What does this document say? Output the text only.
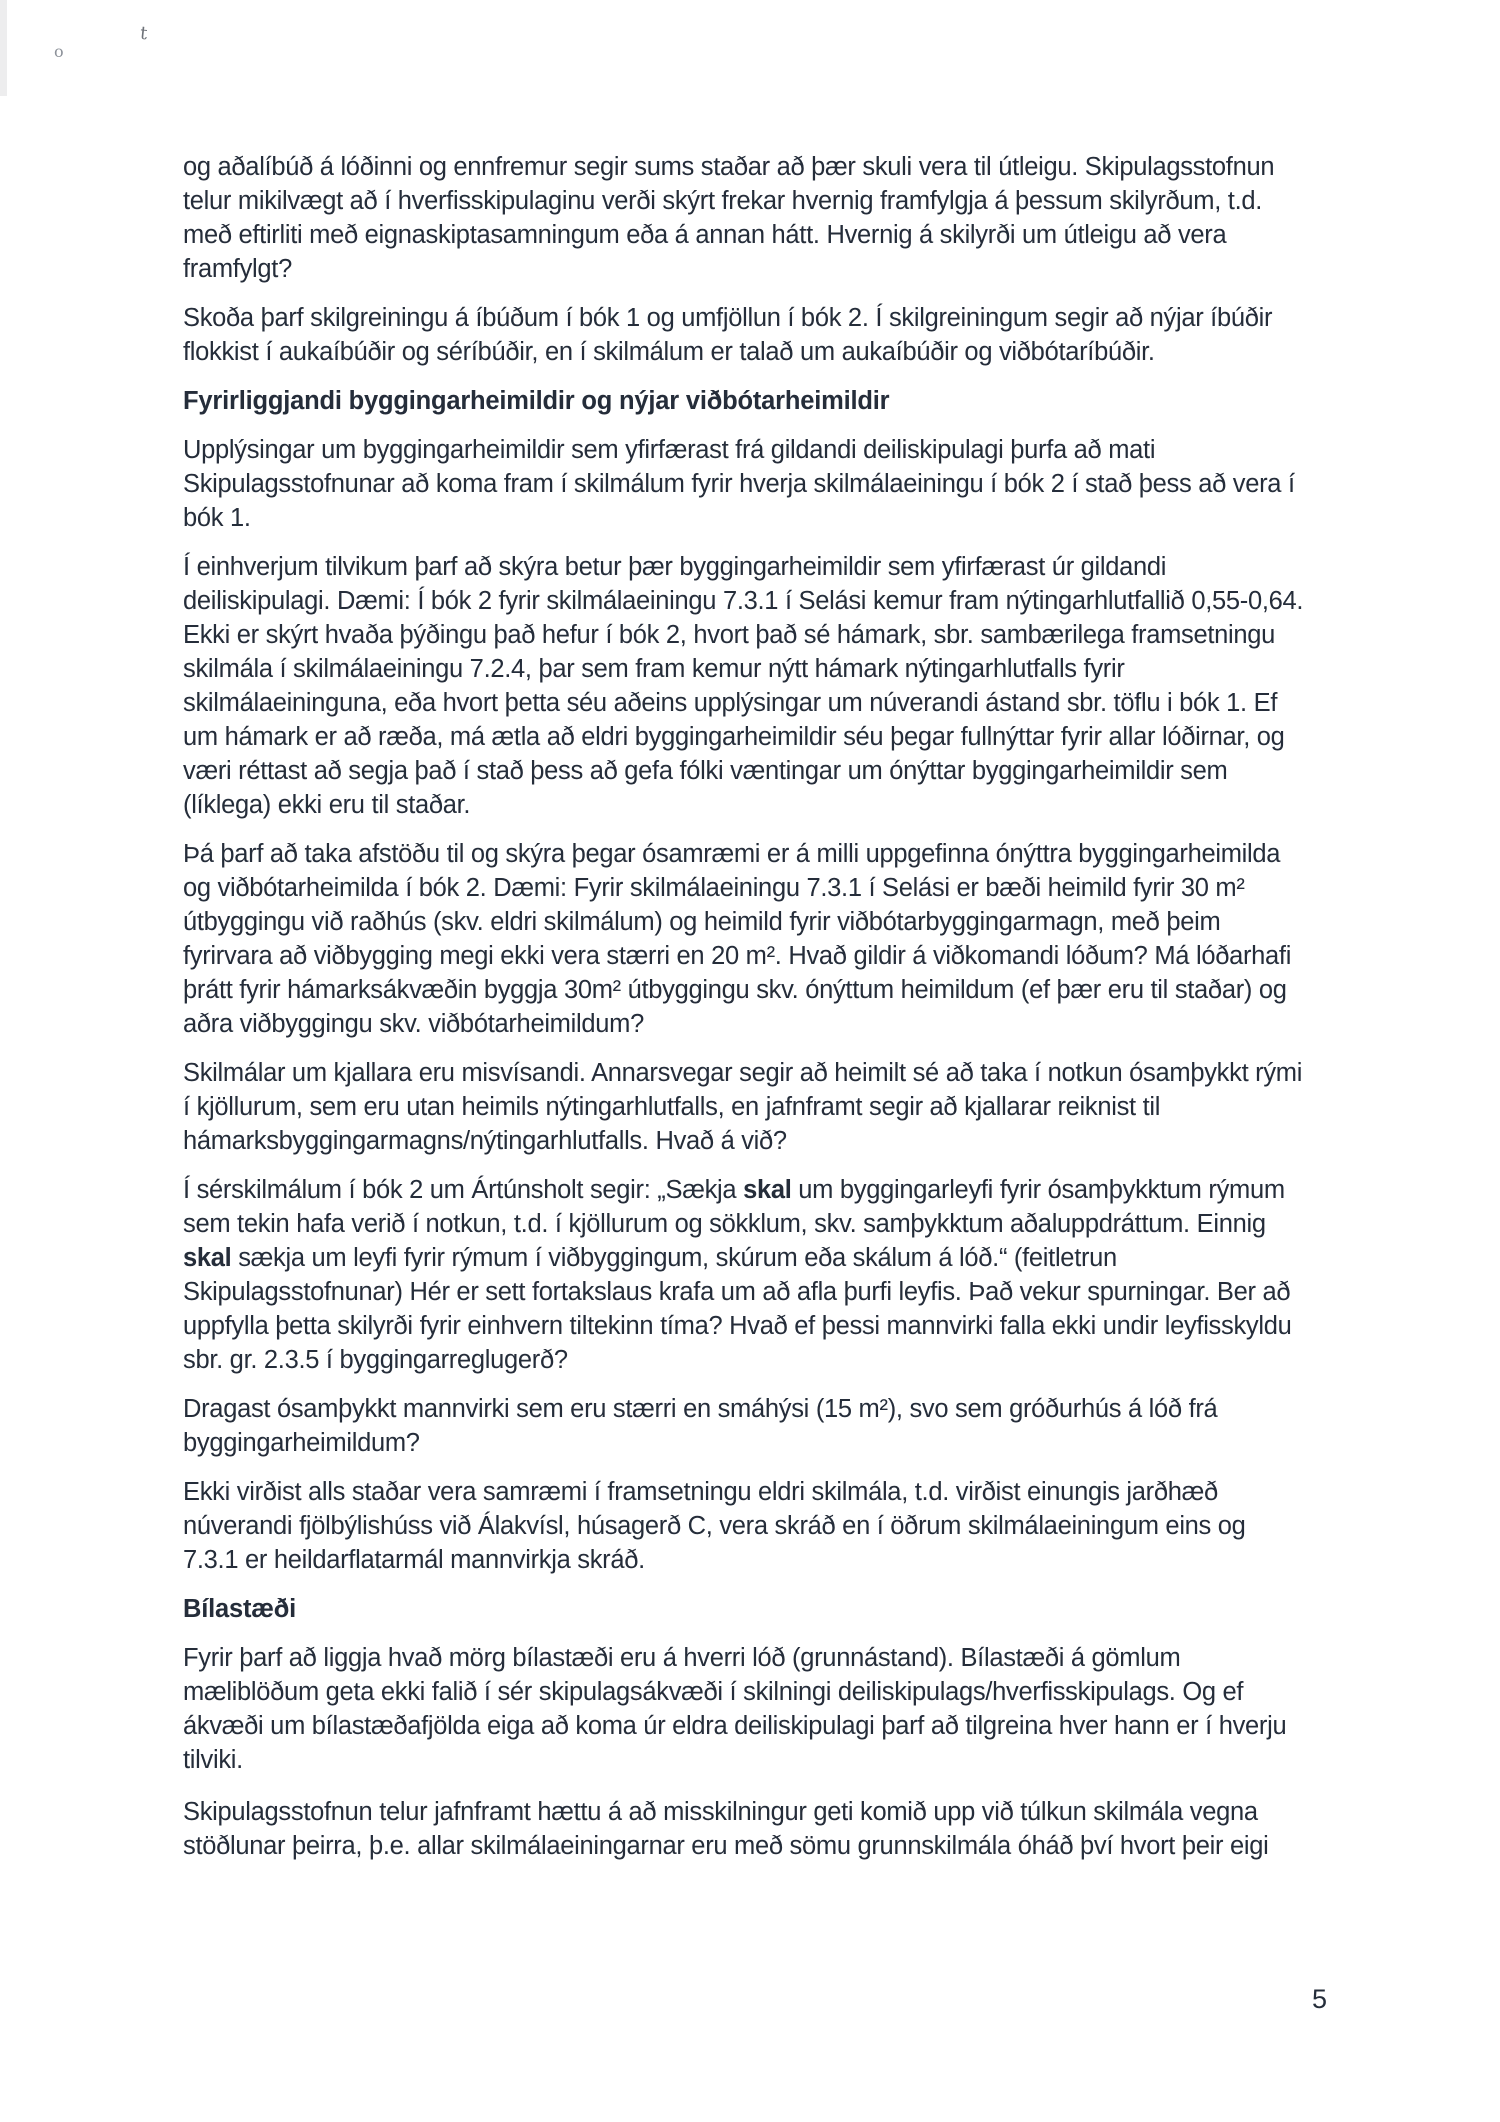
t
o

og aðalíbúð á lóðinni og ennfremur segir sums staðar að þær skuli vera til útleigu. Skipulagsstofnun telur mikilvægt að í hverfisskipulaginu verði skýrt frekar hvernig framfylgja á þessum skilyrðum, t.d. með eftirliti með eignaskiptasamningum eða á annan hátt. Hvernig á skilyrði um útleigu að vera framfylgt?

Skoða þarf skilgreiningu á íbúðum í bók 1 og umfjöllun í bók 2. Í skilgreiningum segir að nýjar íbúðir flokkist í aukaíbúðir og séríbúðir, en í skilmálum er talað um aukaíbúðir og viðbótaríbúðir.

Fyrirliggjandi byggingarheimildir og nýjar viðbótarheimildir

Upplýsingar um byggingarheimildir sem yfirfærast frá gildandi deiliskipulagi þurfa að mati Skipulagsstofnunar að koma fram í skilmálum fyrir hverja skilmálaeiningu í bók 2 í stað þess að vera í bók 1.

Í einhverjum tilvikum þarf að skýra betur þær byggingarheimildir sem yfirfærast úr gildandi deiliskipulagi. Dæmi: Í bók 2 fyrir skilmálaeiningu 7.3.1 í Selási kemur fram nýtingarhlutfallið 0,55-0,64. Ekki er skýrt hvaða þýðingu það hefur í bók 2, hvort það sé hámark, sbr. sambærilega framsetningu skilmála í skilmálaeiningu 7.2.4, þar sem fram kemur nýtt hámark nýtingarhlutfalls fyrir skilmálaeininguna, eða hvort þetta séu aðeins upplýsingar um núverandi ástand sbr. töflu i bók 1. Ef um hámark er að ræða, má ætla að eldri byggingarheimildir séu þegar fullnýttar fyrir allar lóðirnar, og væri réttast að segja það í stað þess að gefa fólki væntingar um ónýttar byggingarheimildir sem (líklega) ekki eru til staðar.

Þá þarf að taka afstöðu til og skýra þegar ósamræmi er á milli uppgefinna ónýttra byggingarheimilda og viðbótarheimilda í bók 2. Dæmi: Fyrir skilmálaeiningu 7.3.1 í Selási er bæði heimild fyrir 30 m² útbyggingu við raðhús (skv. eldri skilmálum) og heimild fyrir viðbótarbyggingarmagn, með þeim fyrirvara að viðbygging megi ekki vera stærri en 20 m². Hvað gildir á viðkomandi lóðum? Má lóðarhafi þrátt fyrir hámarksákvæðin byggja 30m² útbyggingu skv. ónýttum heimildum (ef þær eru til staðar) og aðra viðbyggingu skv. viðbótarheimildum?

Skilmálar um kjallara eru misvísandi. Annarsvegar segir að heimilt sé að taka í notkun ósamþykkt rými í kjöllurum, sem eru utan heimils nýtingarhlutfalls, en jafnframt segir að kjallarar reiknist til hámarksbyggingarmagns/nýtingarhlutfalls. Hvað á við?

Í sérskilmálum í bók 2 um Ártúnsholt segir: „Sækja skal um byggingarleyfi fyrir ósamþykktum rýmum sem tekin hafa verið í notkun, t.d. í kjöllurum og sökklum, skv. samþykktum aðaluppdráttum. Einnig skal sækja um leyfi fyrir rýmum í viðbyggingum, skúrum eða skálum á lóð.“ (feitletrun Skipulagsstofnunar) Hér er sett fortakslaus krafa um að afla þurfi leyfis. Það vekur spurningar. Ber að uppfylla þetta skilyrði fyrir einhvern tiltekinn tíma? Hvað ef þessi mannvirki falla ekki undir leyfisskyldu sbr. gr. 2.3.5 í byggingarreglugerð?

Dragast ósamþykkt mannvirki sem eru stærri en smáhýsi (15 m²), svo sem gróðurhús á lóð frá byggingarheimildum?

Ekki virðist alls staðar vera samræmi í framsetningu eldri skilmála, t.d. virðist einungis jarðhæð núverandi fjölbýlishúss við Álakvísl, húsagerð C, vera skráð en í öðrum skilmálaeiningum eins og 7.3.1 er heildarflatarmál mannvirkja skráð.

Bílastæði

Fyrir þarf að liggja hvað mörg bílastæði eru á hverri lóð (grunnástand). Bílastæði á gömlum mæliblöðum geta ekki falið í sér skipulagsákvæði í skilningi deiliskipulags/hverfisskipulags. Og ef ákvæði um bílastæðafjölda eiga að koma úr eldra deiliskipulagi þarf að tilgreina hver hann er í hverju tilviki.

Skipulagsstofnun telur jafnframt hættu á að misskilningur geti komið upp við túlkun skilmála vegna stöðlunar þeirra, þ.e. allar skilmálaeiningarnar eru með sömu grunnskilmála óháð því hvort þeir eigi

5
